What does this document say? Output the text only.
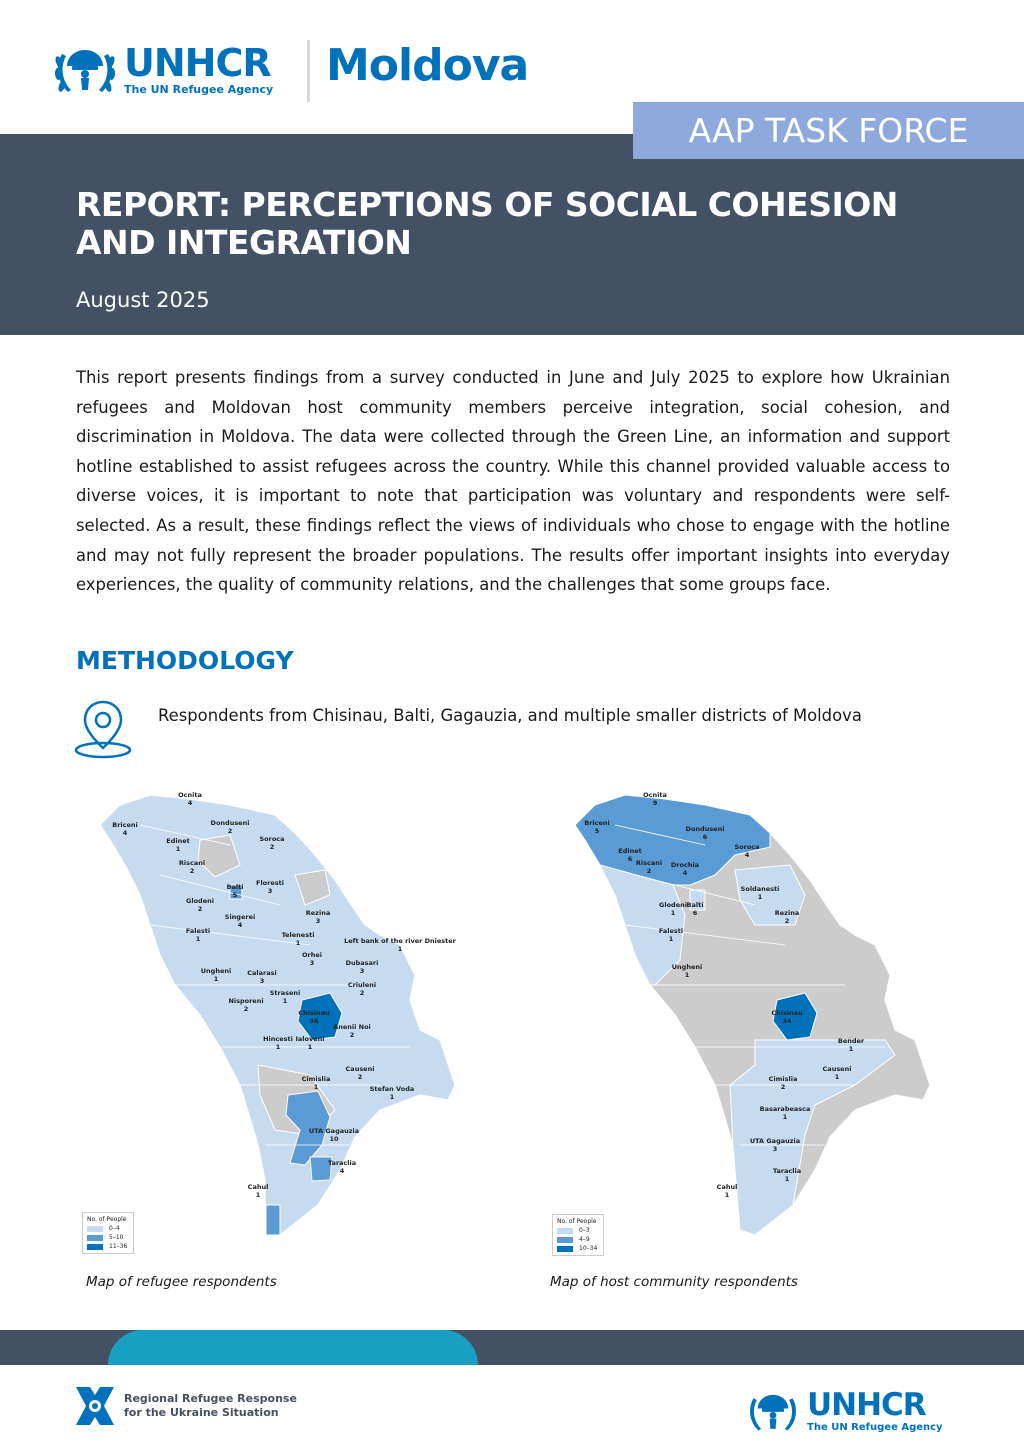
UNHCR
The UN Refugee Agency Moldova
AAP TASK FORCE
REPORT: PERCEPTIONS OF SOCIAL COHESION AND INTEGRATION
August 2025

This report presents findings from a survey conducted in June and July 2025 to explore how Ukrainian refugees and Moldovan host community members perceive integration, social cohesion, and discrimination in Moldova. The data were collected through the Green Line, an information and support hotline established to assist refugees across the country. While this channel provided valuable access to diverse voices, it is important to note that participation was voluntary and respondents were self-selected. As a result, these findings reflect the views of individuals who chose to engage with the hotline and may not fully represent the broader populations. The results offer important insights into everyday experiences, the quality of community relations, and the challenges that some groups face.

METHODOLOGY

Respondents from Chisinau, Balti, Gagauzia, and multiple smaller districts of Moldova

Ocnita 4
Briceni 4
Donduseni 2
Edinet 1
Soroca 2
Riscani 2
Balti 5
Floresti 3
Glodeni 2
Singerei 4
Rezina 3
Falesti 1	Telenesti 1	Left bank of the river Dniester 1
Orhei 3
Ungheni 1
Calarasi 3
Dubasari 3
Criuleni 2
Straseni 1
Nisporeni 2	Chisinau 36
Anenii Noi 2
Hincesti 1
Ialoveni 1
Causeni 2
Cimislia 1	Stefan Voda 1
UTA Gagauzia 10
Taraclia 4
Cahul 1
No. of People
0–4
5–10
11–36
Map of refugee respondents
Ocnita 9
Briceni 5	Donduseni 6
Edinet 6
Soroca 4
Riscani 2
Drochia 4
Soldanesti 1
Glodeni 1
Balti 6	Rezina 2
Falesti 1
Ungheni 1
Chisinau 34
Bender 1
Cimislia 2
Causeni 1
Basarabeasca 1
UTA Gagauzia 3
Taraclia 1
Cahul 1
No. of People
0–3
4–9
10–34
Map of host community respondents
Regional Refugee Response
for the Ukraine Situation	UNHCR
The UN Refugee Agency
